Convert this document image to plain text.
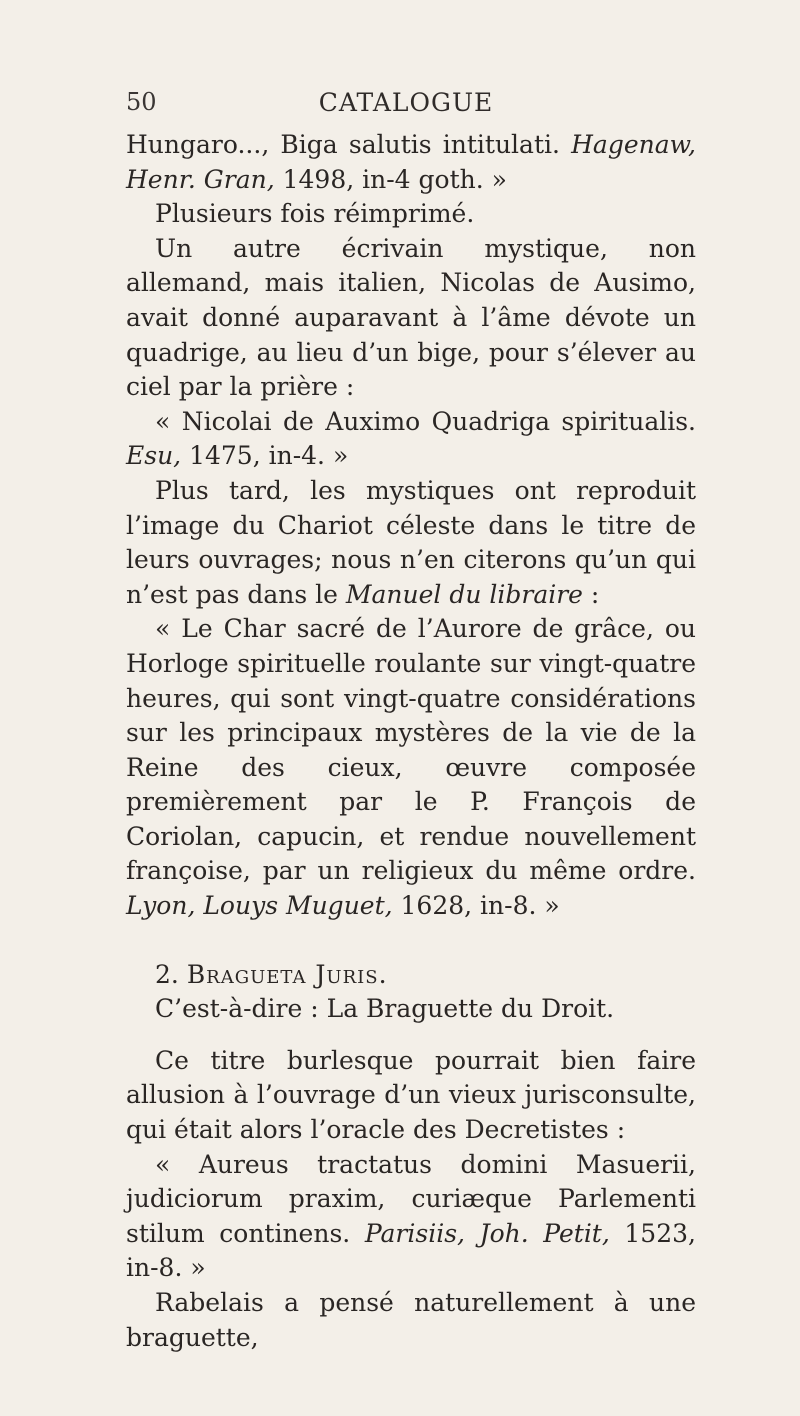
50	CATALOGUE

Hungaro..., Biga salutis intitulati. Hagenaw, Henr. Gran, 1498, in-4 goth. »

Plusieurs fois réimprimé.

Un autre écrivain mystique, non allemand, mais italien, Nicolas de Ausimo, avait donné auparavant à l’âme dévote un quadrige, au lieu d’un bige, pour s’élever au ciel par la prière :

« Nicolai de Auximo Quadriga spiritualis. Esu, 1475, in-4. »

Plus tard, les mystiques ont reproduit l’image du Chariot céleste dans le titre de leurs ouvrages; nous n’en citerons qu’un qui n’est pas dans le Manuel du libraire :

« Le Char sacré de l’Aurore de grâce, ou Horloge spirituelle roulante sur vingt-quatre heures, qui sont vingt-quatre considérations sur les principaux mystères de la vie de la Reine des cieux, œuvre composée premièrement par le P. François de Coriolan, capucin, et rendue nouvellement françoise, par un religieux du même ordre. Lyon, Louys Muguet, 1628, in-8. »

2. Bragueta Juris.

C’est-à-dire : La Braguette du Droit.

Ce titre burlesque pourrait bien faire allusion à l’ouvrage d’un vieux jurisconsulte, qui était alors l’oracle des Decretistes :

« Aureus tractatus domini Masuerii, judiciorum praxim, curiæque Parlementi stilum continens. Parisiis, Joh. Petit, 1523, in-8. »

Rabelais a pensé naturellement à une braguette,
